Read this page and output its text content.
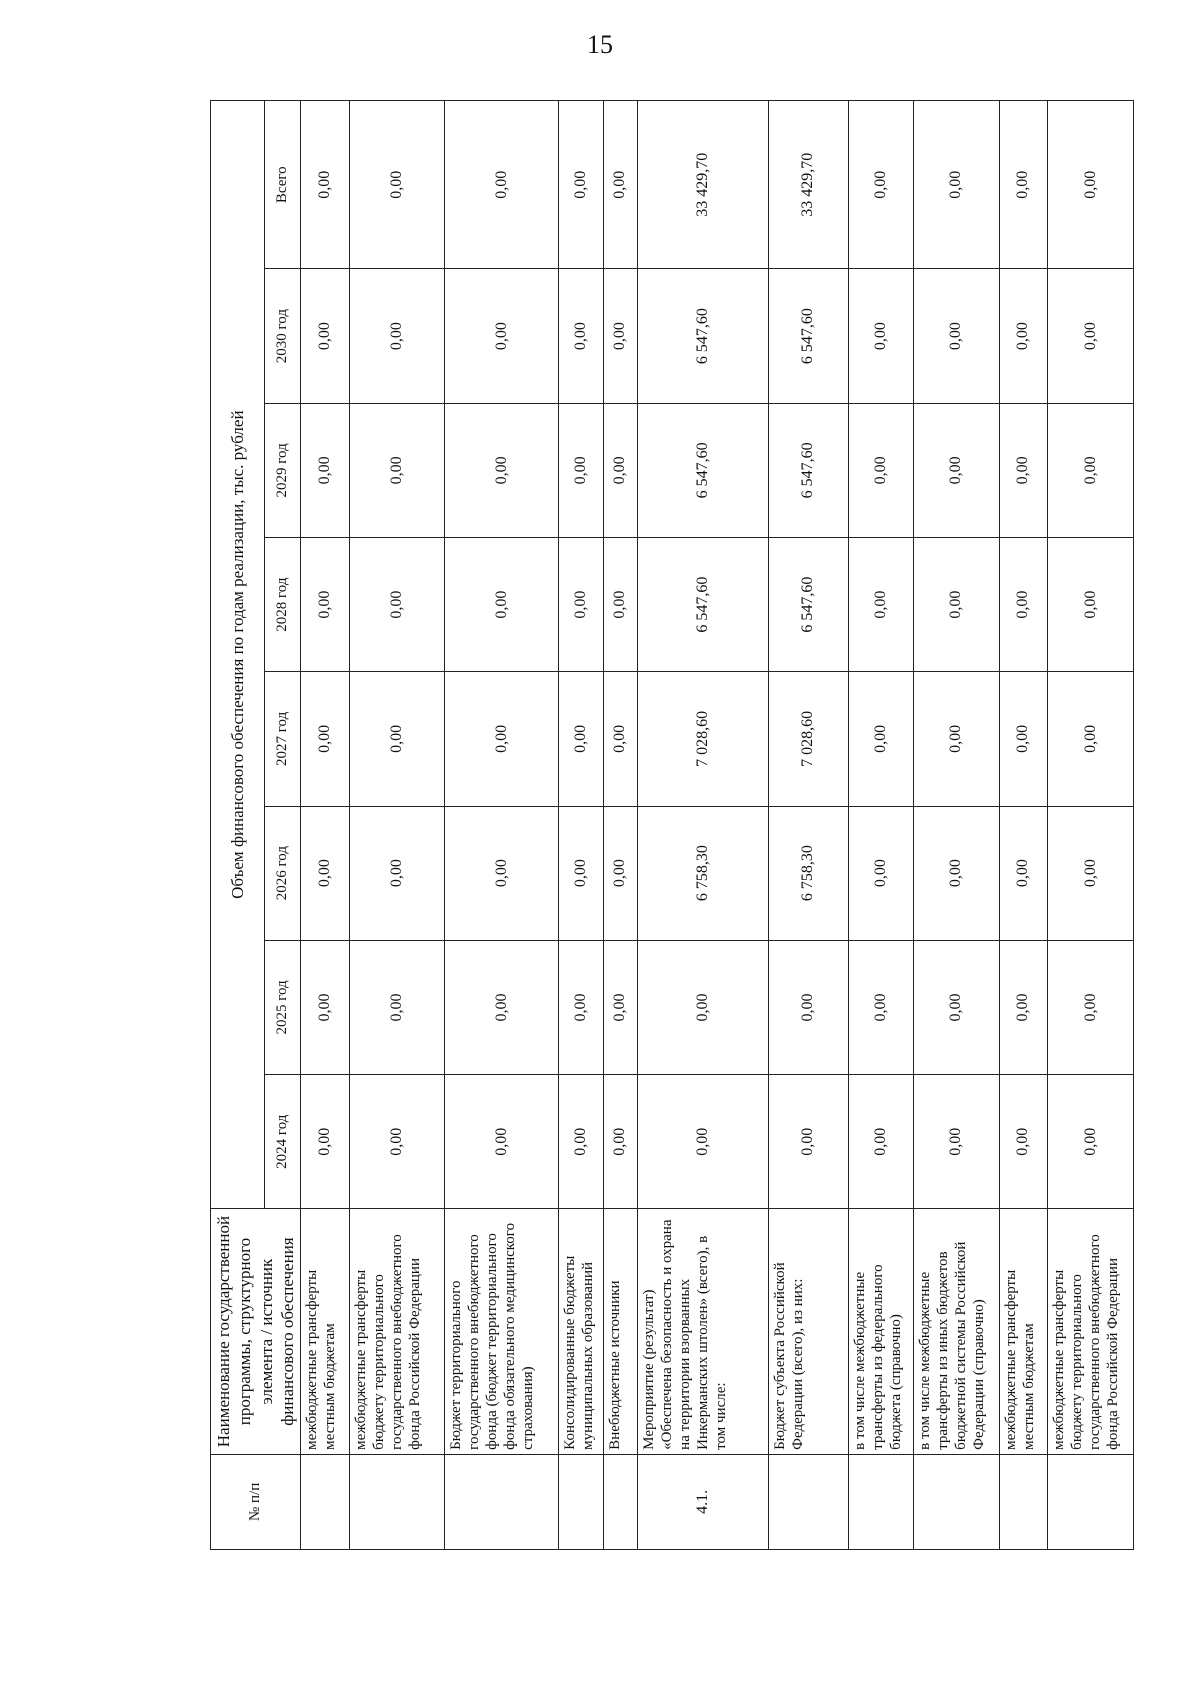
15
№ п/п	Наименование государственной программы, структурного элемента / источник финансового обеспечения	Объем финансового обеспечения по годам реализации, тыс. рублей							
		2024 год	2025 год	2026 год	2027 год	2028 год	2029 год	2030 год	Всего
	межбюджетные трансферты местным бюджетам	0,00	0,00	0,00	0,00	0,00	0,00	0,00	0,00
	межбюджетные трансферты бюджету территориального государственного внебюджетного фонда Российской Федерации	0,00	0,00	0,00	0,00	0,00	0,00	0,00	0,00
	Бюджет территориального государственного внебюджетного фонда (бюджет территориального фонда обязательного медицинского страхования)	0,00	0,00	0,00	0,00	0,00	0,00	0,00	0,00
	Консолидированные бюджеты муниципальных образований	0,00	0,00	0,00	0,00	0,00	0,00	0,00	0,00
	Внебюджетные источники	0,00	0,00	0,00	0,00	0,00	0,00	0,00	0,00
4.1.	Мероприятие (результат) «Обеспечена безопасность и охрана на территории взорванных Инкерманских штолен» (всего), в том числе:	0,00	0,00	6 758,30	7 028,60	6 547,60	6 547,60	6 547,60	33 429,70
	Бюджет субъекта Российской Федерации (всего), из них:	0,00	0,00	6 758,30	7 028,60	6 547,60	6 547,60	6 547,60	33 429,70
	в том числе межбюджетные трансферты из федерального бюджета (справочно)	0,00	0,00	0,00	0,00	0,00	0,00	0,00	0,00
	в том числе межбюджетные трансферты из иных бюджетов бюджетной системы Российской Федерации (справочно)	0,00	0,00	0,00	0,00	0,00	0,00	0,00	0,00
	межбюджетные трансферты местным бюджетам	0,00	0,00	0,00	0,00	0,00	0,00	0,00	0,00
	межбюджетные трансферты бюджету территориального государственного внебюджетного фонда Российской Федерации	0,00	0,00	0,00	0,00	0,00	0,00	0,00	0,00
